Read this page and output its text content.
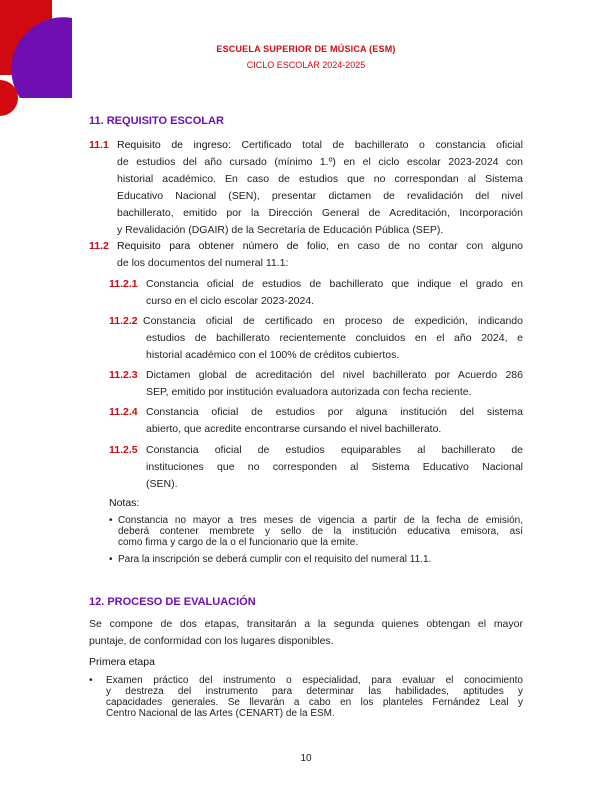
ESCUELA SUPERIOR DE MÚSICA (ESM)
CICLO ESCOLAR 2024-2025
11. REQUISITO ESCOLAR
11.1 Requisito de ingreso: Certificado total de bachillerato o constancia oficial
de estudios del año cursado (mínimo 1.º) en el ciclo escolar 2023-2024 con
historial académico. En caso de estudios que no correspondan al Sistema
Educativo Nacional (SEN), presentar dictamen de revalidación del nivel
bachillerato, emitido por la Dirección General de Acreditación, Incorporación
y Revalidación (DGAIR) de la Secretaría de Educación Pública (SEP).
11.2 Requisito para obtener número de folio, en caso de no contar con alguno
de los documentos del numeral 11.1:
11.2.1 Constancia oficial de estudios de bachillerato que indique el grado en
curso en el ciclo escolar 2023-2024.
11.2.2 Constancia oficial de certificado en proceso de expedición, indicando
estudios de bachillerato recientemente concluidos en el año 2024, e
historial académico con el 100% de créditos cubiertos.
11.2.3 Dictamen global de acreditación del nivel bachillerato por Acuerdo 286
SEP, emitido por institución evaluadora autorizada con fecha reciente.
11.2.4 Constancia oficial de estudios por alguna institución del sistema
abierto, que acredite encontrarse cursando el nivel bachillerato.
11.2.5 Constancia oficial de estudios equiparables al bachillerato de
instituciones que no corresponden al Sistema Educativo Nacional
(SEN).
Notas:
• Constancia no mayor a tres meses de vigencia a partir de la fecha de emisión,
deberá contener membrete y sello de la institución educativa emisora, así
como firma y cargo de la o el funcionario que la emite.
• Para la inscripción se deberá cumplir con el requisito del numeral 11.1.
12. PROCESO DE EVALUACIÓN
Se compone de dos etapas, transitarán a la segunda quienes obtengan el mayor
puntaje, de conformidad con los lugares disponibles.
Primera etapa
• Examen práctico del instrumento o especialidad, para evaluar el conocimiento
y destreza del instrumento para determinar las habilidades, aptitudes y
capacidades generales. Se llevarán a cabo en los planteles Fernández Leal y
Centro Nacional de las Artes (CENART) de la ESM.
10
